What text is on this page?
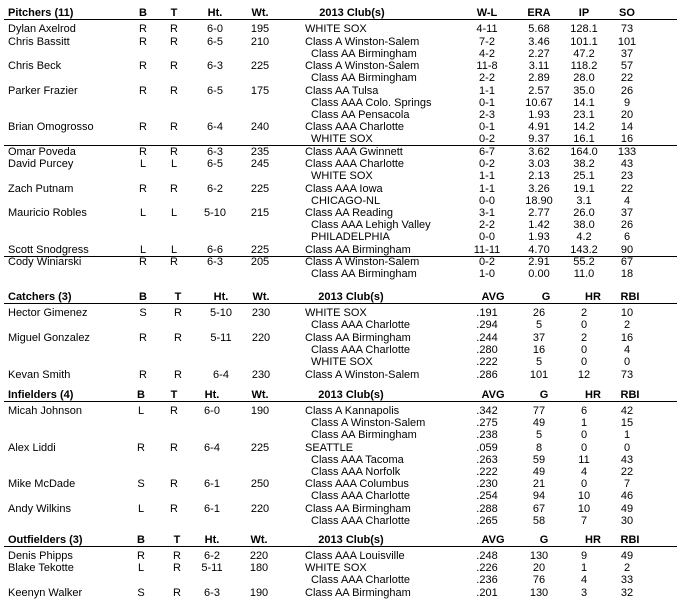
Pitchers (11)	B T	Ht.	Wt.	2013 Club(s)	W-L	ERA	IP	SO
Dylan Axelrod	R R	6-0	195	WHITE SOX	4-11	5.68 128.1 73
Chris Bassitt	R R	6-5	210	Class A Winston-Salem	7-2	3.46 101.1 101
Class AA Birmingham	4-2	2.27 47.2 37
Chris Beck	R R	6-3	225	Class A Winston-Salem	11-8	3.11 118.2 57
Class AA Birmingham	2-2	2.89 28.0 22
Parker Frazier	R R	6-5	175	Class AA Tulsa	1-1	2.57 35.0 26
Class AAA Colo. Springs	0-1	10.67 14.1	9
Class AA Pensacola	2-3	1.93 23.1 20
Brian Omogrosso	R R	6-4	240	Class AAA Charlotte	0-1	4.91 14.2 14
WHITE SOX	0-2	9.37 16.1 16
Omar Poveda	R R	6-3	235	Class AAA Gwinnett	6-7	3.62 164.0 133
David Purcey	L L	6-5	245	Class AAA Charlotte	0-2	3.03 38.2 43
WHITE SOX	1-1	2.13 25.1 23
Zach Putnam	R R	6-2	225	Class AAA Iowa	1-1	3.26 19.1 22
CHICAGO-NL	0-0	18.90 3.1	4
Mauricio Robles	L L 5-10 215	Class AA Reading	3-1	2.77 26.0 37
Class AAA Lehigh Valley	2-2	1.42 38.0 26
PHILADELPHIA	0-0	1.93 4.2	6
Scott Snodgress	L L	6-6	225	Class AA Birmingham	11-11	4.70 143.2 90
Cody Winiarski	R R	6-3	205	Class A Winston-Salem	0-2	2.91 55.2 67
Class AA Birmingham	1-0	0.00 11.0 18
Catchers (3)	B	T	Ht. Wt.	2013 Club(s)	AVG	G	HR RBI
Hector Gimenez	S R	5-10 230	WHITE SOX	.191	26	2	10
Class AAA Charlotte	.294	5	0	2
Miguel Gonzalez	R R	5-11 220	Class AA Birmingham	.244	37	2	16
Class AAA Charlotte	.280	16	0	4
WHITE SOX	.222	5	0	0
Kevan Smith	R R	6-4 230	Class A Winston-Salem	.286	101	12	73
Infielders (4)	B T Ht.	Wt.	2013 Club(s)	AVG	G	HR RBI
Micah Johnson	L R 6-0	190	Class A Kannapolis	.342	77	6	42
Class A Winston-Salem	.275	49	1	15
Class AA Birmingham	.238	5	0	1
Alex Liddi	R R 6-4	225	SEATTLE	.059	8	0	0
Class AAA Tacoma	.263	59	11	43
Class AAA Norfolk	.222	49	4	22
Mike McDade	S R 6-1	250	Class AAA Columbus	.230	21	0	7
Class AAA Charlotte	.254	94	10	46
Andy Wilkins	L R 6-1	220	Class AA Birmingham	.288	67	10	49
Class AAA Charlotte	.265	58	7	30
Outfielders (3)	B	T Ht.	Wt.	2013 Club(s)	AVG	G	HR RBI
Denis Phipps	R	R 6-2	220	Class AAA Louisville	.248	130	9	49
Blake Tekotte	L	R 5-11 180	WHITE SOX	.226	20	1	2
Class AAA Charlotte	.236	76	4	33
Keenyn Walker	S	R 6-3	190	Class AA Birmingham	.201	130	3	32
